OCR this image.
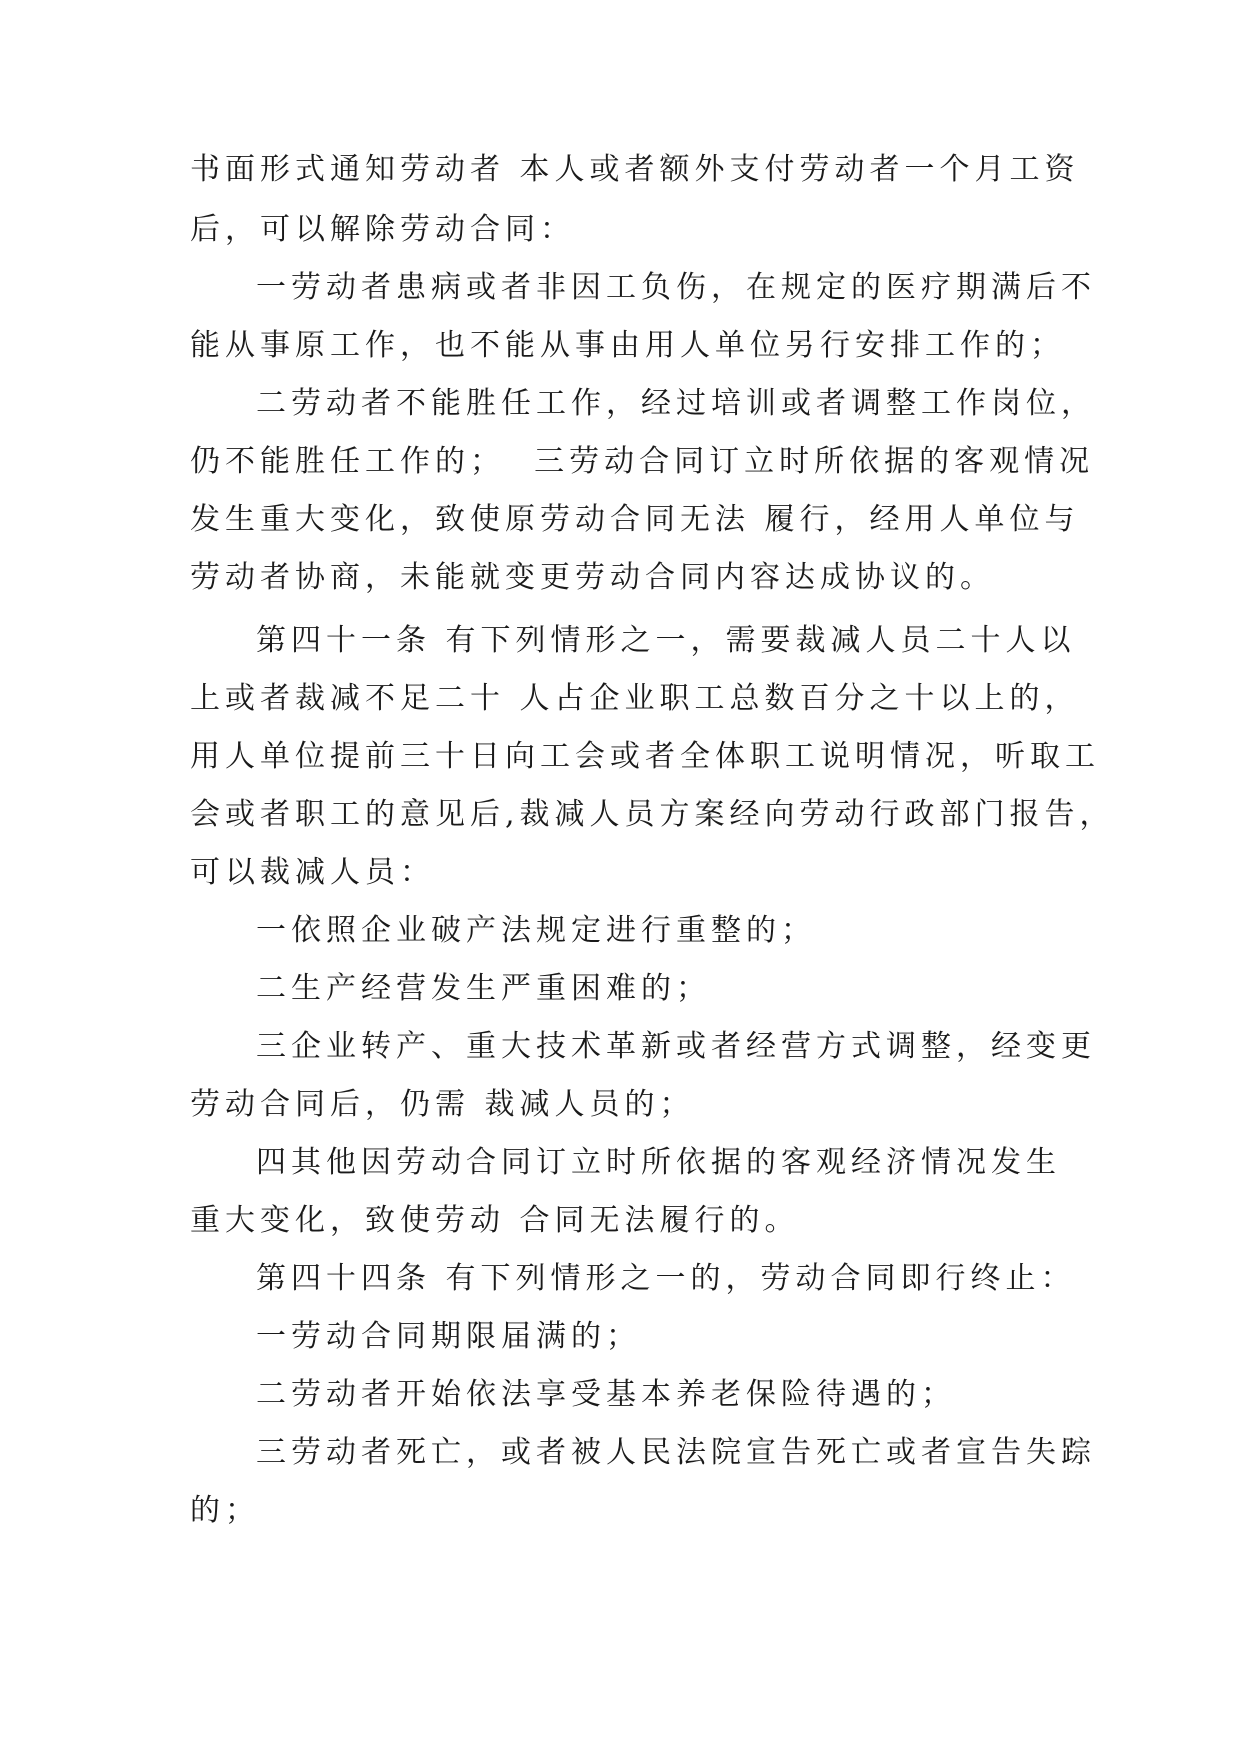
书面形式通知劳动者 本人或者额外支付劳动者一个月工资
后，可以解除劳动合同：
一劳动者患病或者非因工负伤，在规定的医疗期满后不
能从事原工作，也不能从事由用人单位另行安排工作的；
二劳动者不能胜任工作，经过培训或者调整工作岗位，
仍不能胜任工作的；  三劳动合同订立时所依据的客观情况
发生重大变化，致使原劳动合同无法 履行，经用人单位与
劳动者协商，未能就变更劳动合同内容达成协议的。
第四十一条 有下列情形之一，需要裁减人员二十人以
上或者裁减不足二十 人占企业职工总数百分之十以上的，
用人单位提前三十日向工会或者全体职工说明情况，听取工
会或者职工的意见后,裁减人员方案经向劳动行政部门报告，
可以裁减人员：
一依照企业破产法规定进行重整的；
二生产经营发生严重困难的；
三企业转产、重大技术革新或者经营方式调整，经变更
劳动合同后，仍需 裁减人员的；
四其他因劳动合同订立时所依据的客观经济情况发生
重大变化，致使劳动 合同无法履行的。
第四十四条 有下列情形之一的，劳动合同即行终止：
一劳动合同期限届满的；
二劳动者开始依法享受基本养老保险待遇的；
三劳动者死亡，或者被人民法院宣告死亡或者宣告失踪
的；
